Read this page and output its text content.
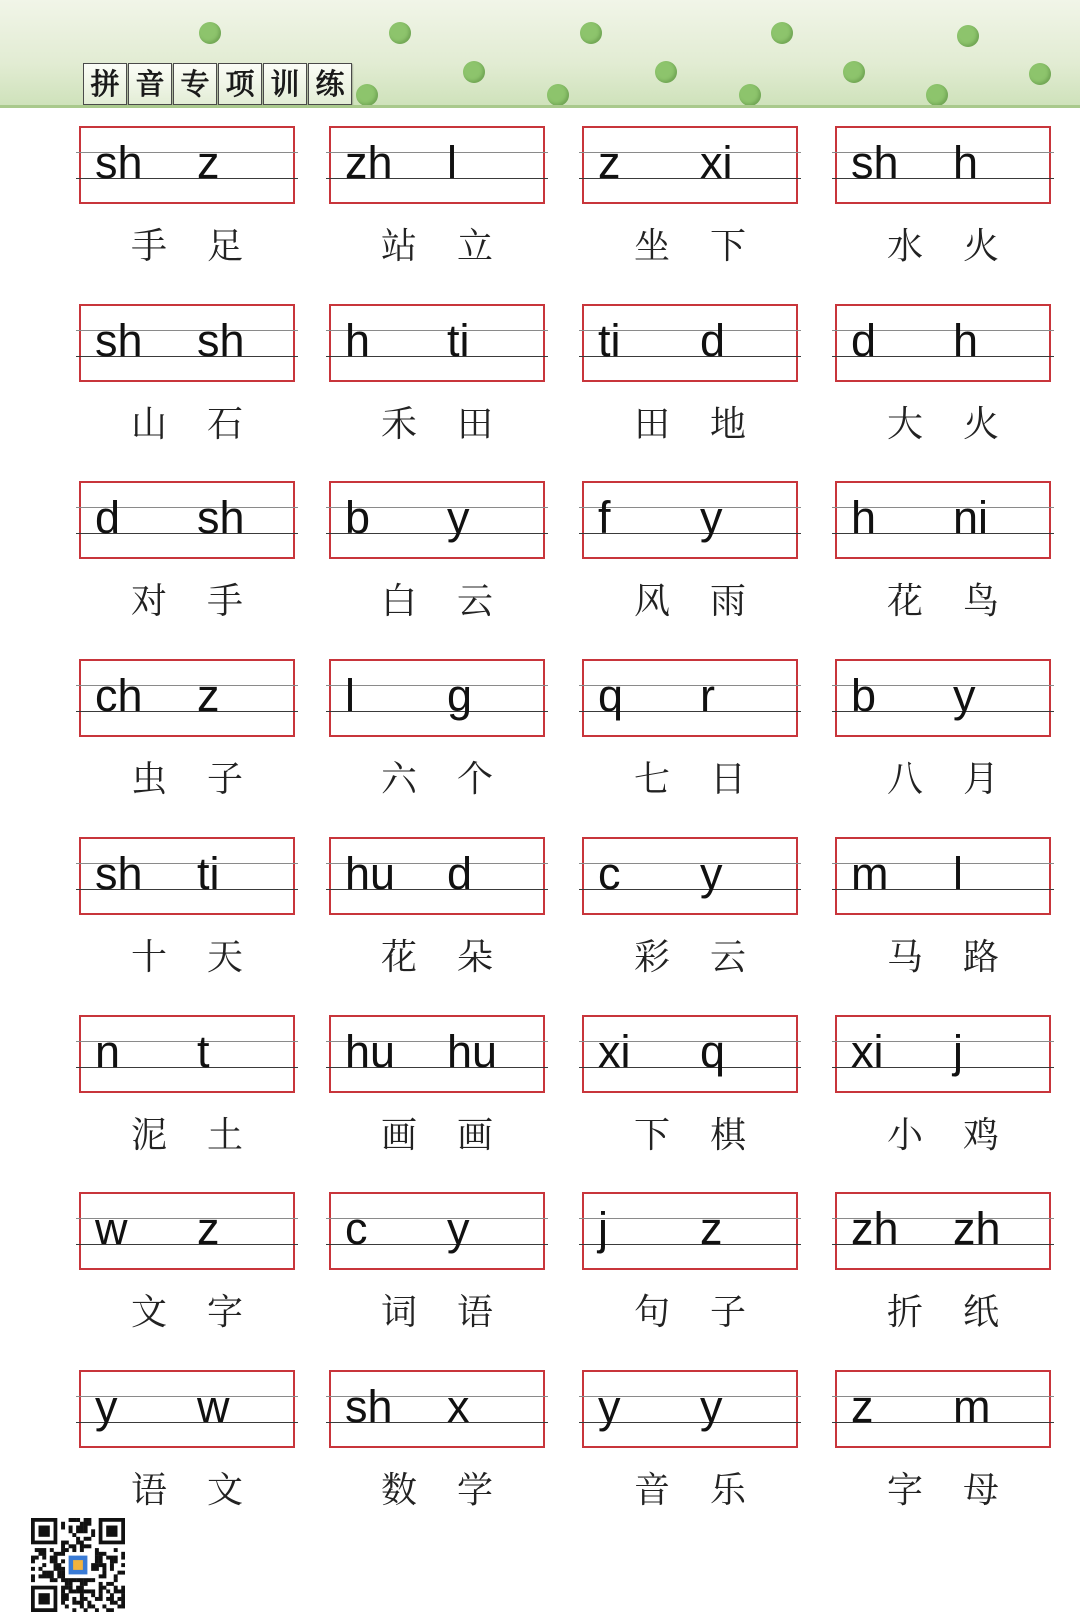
拼 音 专 项 训 练
sh z
手 足
zh l
站 立
z xi
坐 下
sh h
水 火
sh sh
山 石
h ti
禾 田
ti d
田 地
d h
大 火
d sh
对 手
b y
白 云
f y
风 雨
h ni
花 鸟
ch z
虫 子
l g
六 个
q r
七 日
b y
八 月
sh ti
十 天
hu d
花 朵
c y
彩 云
m l
马 路
n t
泥 土
hu hu
画 画
xi q
下 棋
xi j
小 鸡
w z
文 字
c y
词 语
j z
句 子
zh zh
折 纸
y w
语 文
sh x
数 学
y y
音 乐
z m
字 母
